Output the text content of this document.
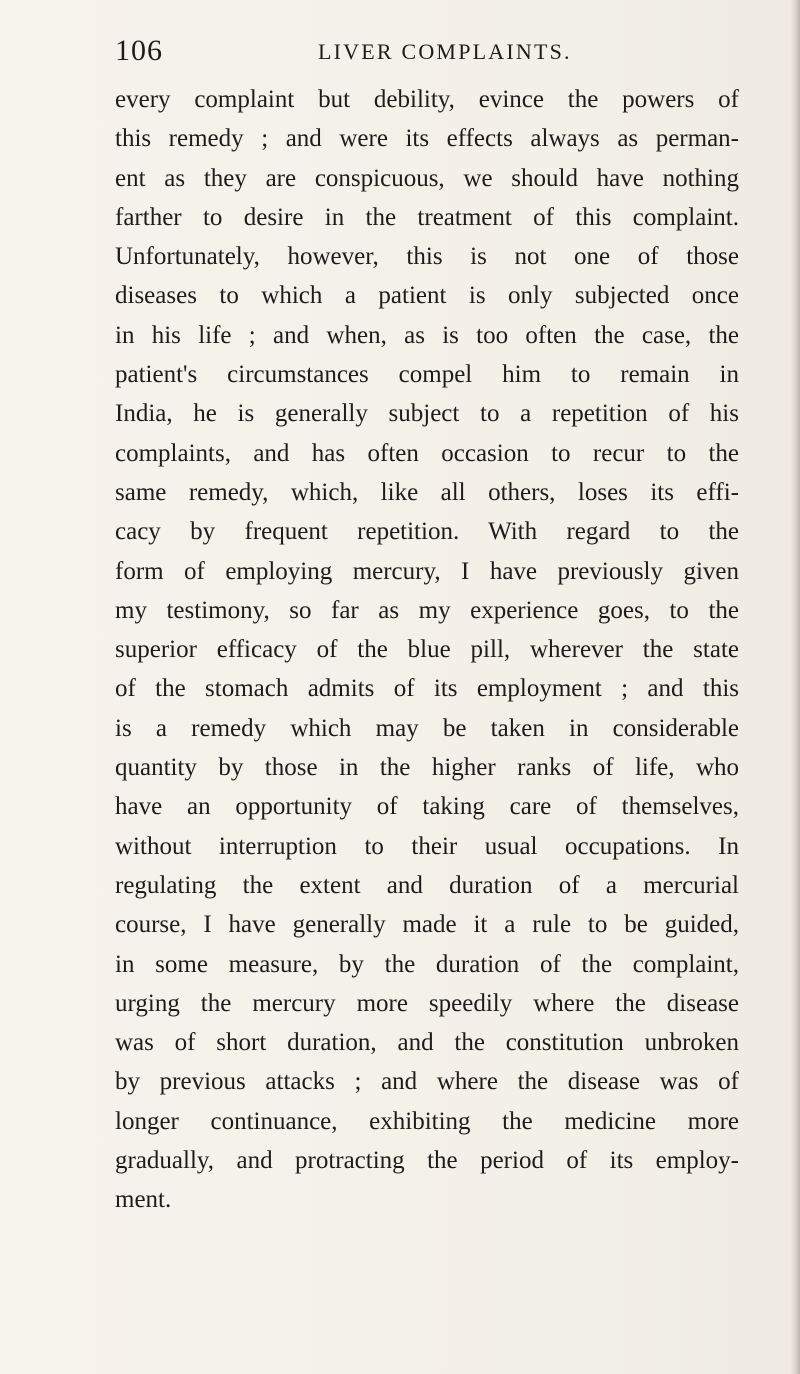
106	LIVER COMPLAINTS.
every complaint but debility, evince the powers of
this remedy ; and were its effects always as perman-
ent as they are conspicuous, we should have nothing
farther to desire in the treatment of this complaint.
Unfortunately, however, this is not one of those
diseases to which a patient is only subjected once
in his life ; and when, as is too often the case, the
patient's circumstances compel him to remain in
India, he is generally subject to a repetition of his
complaints, and has often occasion to recur to the
same remedy, which, like all others, loses its effi-
cacy by frequent repetition. With regard to the
form of employing mercury, I have previously given
my testimony, so far as my experience goes, to the
superior efficacy of the blue pill, wherever the state
of the stomach admits of its employment ; and this
is a remedy which may be taken in considerable
quantity by those in the higher ranks of life, who
have an opportunity of taking care of themselves,
without interruption to their usual occupations. In
regulating the extent and duration of a mercurial
course, I have generally made it a rule to be guided,
in some measure, by the duration of the complaint,
urging the mercury more speedily where the disease
was of short duration, and the constitution unbroken
by previous attacks ; and where the disease was of
longer continuance, exhibiting the medicine more
gradually, and protracting the period of its employ-
ment.
